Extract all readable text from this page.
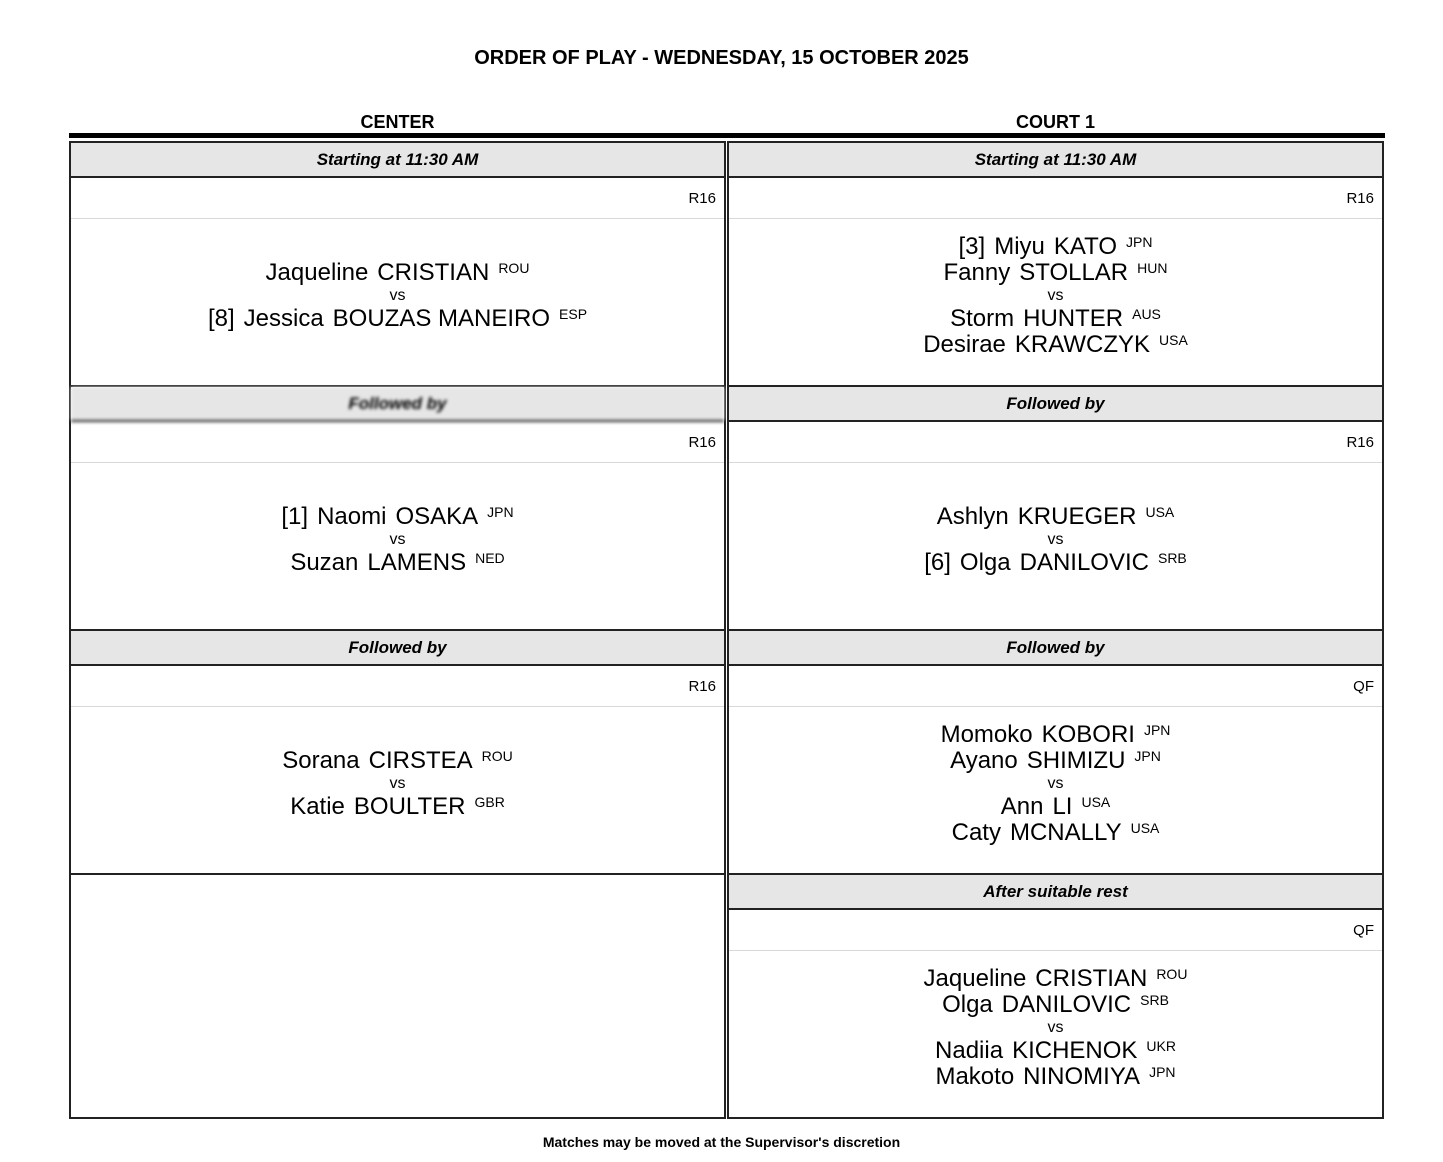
ORDER OF PLAY - WEDNESDAY, 15 OCTOBER 2025
CENTER	COURT 1
Starting at 11:30 AM
R16
Jaqueline CRISTIAN $^{ROU}$
vs
[8] Jessica BOUZAS MANEIRO $^{ESP}$
Followed by
R16
[1] Naomi OSAKA $^{JPN}$
vs
Suzan LAMENS $^{NED}$
Followed by
R16
Sorana CIRSTEA $^{ROU}$
vs
Katie BOULTER $^{GBR}$
Starting at 11:30 AM
R16
[3] Miyu KATO $^{JPN}$
Fanny STOLLAR $^{HUN}$
vs
Storm HUNTER $^{AUS}$
Desirae KRAWCZYK $^{USA}$
Followed by
R16
Ashlyn KRUEGER $^{USA}$
vs
[6] Olga DANILOVIC $^{SRB}$
Followed by
QF
Momoko KOBORI $^{JPN}$
Ayano SHIMIZU $^{JPN}$
vs
Ann LI $^{USA}$
Caty MCNALLY $^{USA}$
After suitable rest
QF
Jaqueline CRISTIAN $^{ROU}$
Olga DANILOVIC $^{SRB}$
vs
Nadiia KICHENOK $^{UKR}$
Makoto NINOMIYA $^{JPN}$
Matches may be moved at the Supervisor's discretion
